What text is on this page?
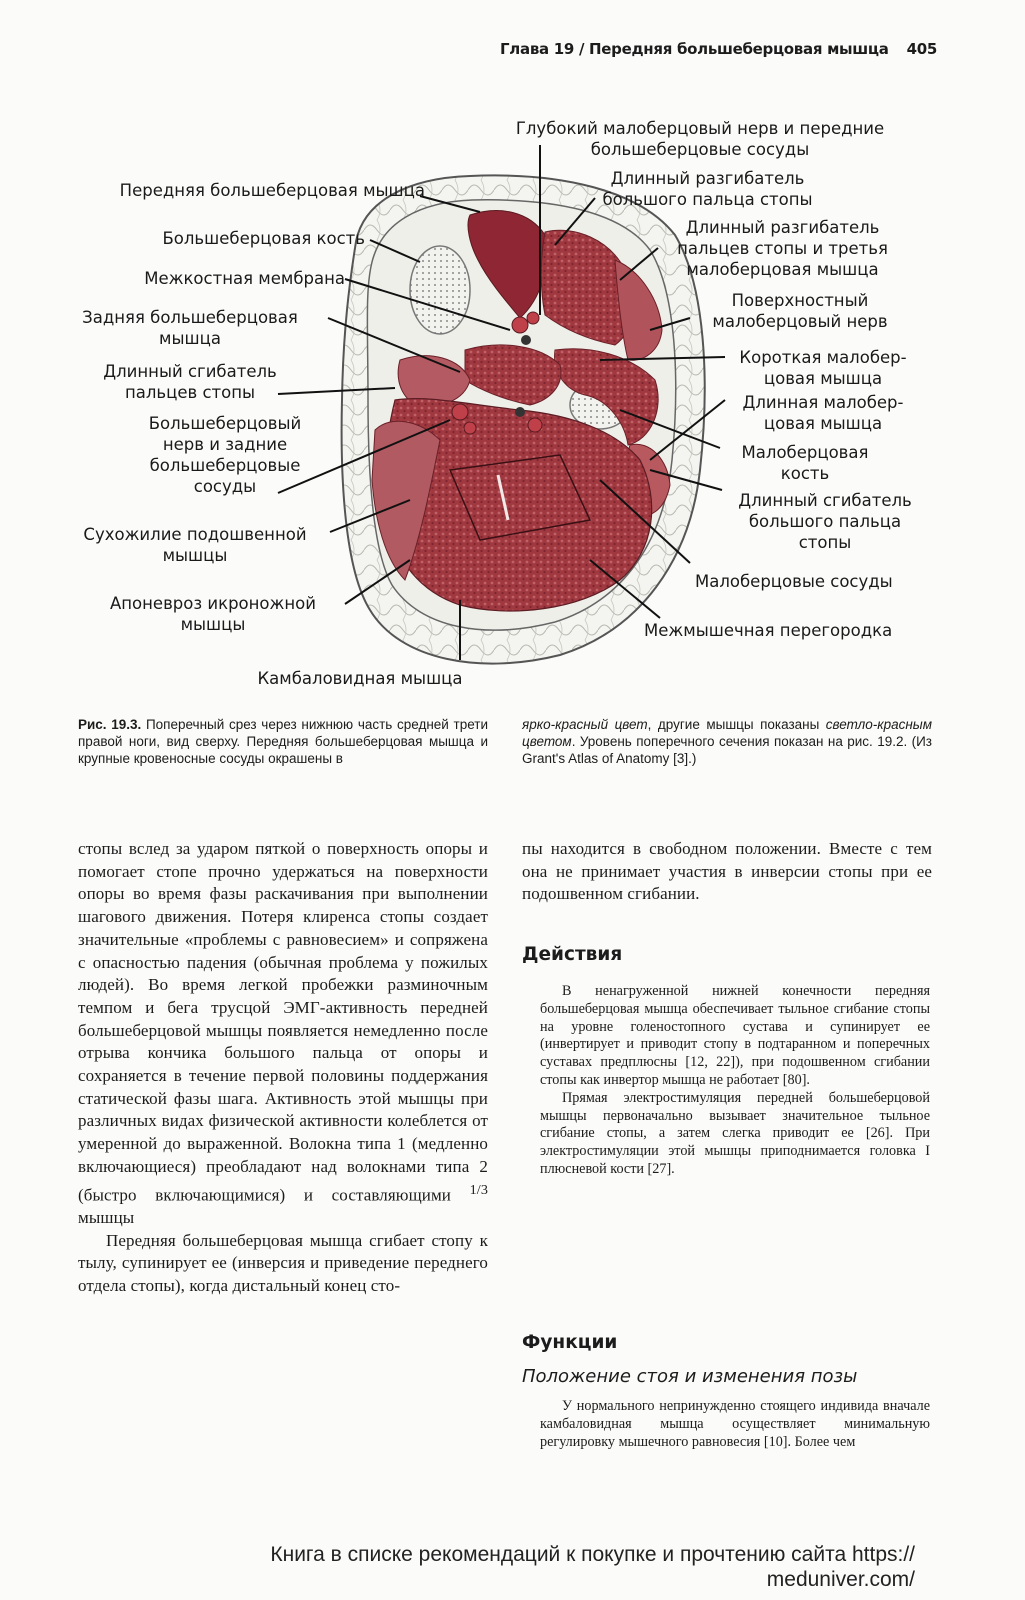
Глава 19 / Передняя большеберцовая мышца 405
Передняя большеберцовая мышца
Большеберцовая кость
Межкостная мембрана
Задняя большеберцовая мышца
Длинный сгибатель пальцев стопы
Большеберцовый нерв и задние большеберцовые сосуды
Сухожилие подошвенной мышцы
Апоневроз икроножной мышцы
Глубокий малоберцовый нерв и передние большеберцовые сосуды
Длинный разгибатель большого пальца стопы
Длинный разгибатель пальцев стопы и третья малоберцовая мышца
Поверхностный малоберцовый нерв
Короткая малобер-цовая мышца
Длинная малобер-цовая мышца
Малоберцовая кость
Длинный сгибатель большого пальца стопы
Малоберцовые сосуды
Межмышечная перегородка
Камбаловидная мышца
Рис. 19.3. Поперечный срез через нижнюю часть средней трети правой ноги, вид сверху. Передняя большеберцовая мышца и крупные кровеносные сосуды окрашены в
ярко-красный цвет, другие мышцы показаны светло-красным цветом. Уровень поперечного сечения показан на рис. 19.2. (Из Grant's Atlas of Anatomy [3].)

стопы вслед за ударом пяткой о поверхность опоры и помогает стопе прочно удержаться на поверхности опоры во время фазы раскачивания при выполнении шагового движения. Потеря клиренса стопы создает значительные «проблемы с равновесием» и сопряжена с опасностью падения (обычная проблема у пожилых людей). Во время легкой пробежки разминочным темпом и бега трусцой ЭМГ-активность передней большеберцовой мышцы появляется немедленно после отрыва кончика большого пальца от опоры и сохраняется в течение первой половины поддержания статической фазы шага. Активность этой мышцы при различных видах физической активности колеблется от умеренной до выраженной. Волокна типа 1 (медленно включающиеся) преобладают над волокнами типа 2 (быстро включающимися) и составляющими $^{1/3}$ мышцы

Передняя большеберцовая мышца сгибает стопу к тылу, супинирует ее (инверсия и приведение переднего отдела стопы), когда дистальный конец сто-

пы находится в свободном положении. Вместе с тем она не принимает участия в инверсии стопы при ее подошвенном сгибании.

Действия

В ненагруженной нижней конечности передняя большеберцовая мышца обеспечивает тыльное сгибание стопы на уровне голеностопного сустава и супинирует ее (инвертирует и приводит стопу в подтаранном и поперечных суставах предплюсны [12, 22]), при подошвенном сгибании стопы как инвертор мышца не работает [80].

Прямая электростимуляция передней большеберцовой мышцы первоначально вызывает значительное тыльное сгибание стопы, а затем слегка приводит ее [26]. При электростимуляции этой мышцы приподнимается головка I плюсневой кости [27].

Функции
Положение стоя и изменения позы

У нормального непринужденно стоящего индивида вначале камбаловидная мышца осуществляет минимальную регулировку мышечного равновесия [10]. Более чем

Книга в списке рекомендаций к покупке и прочтению сайта https://
meduniver.com/
